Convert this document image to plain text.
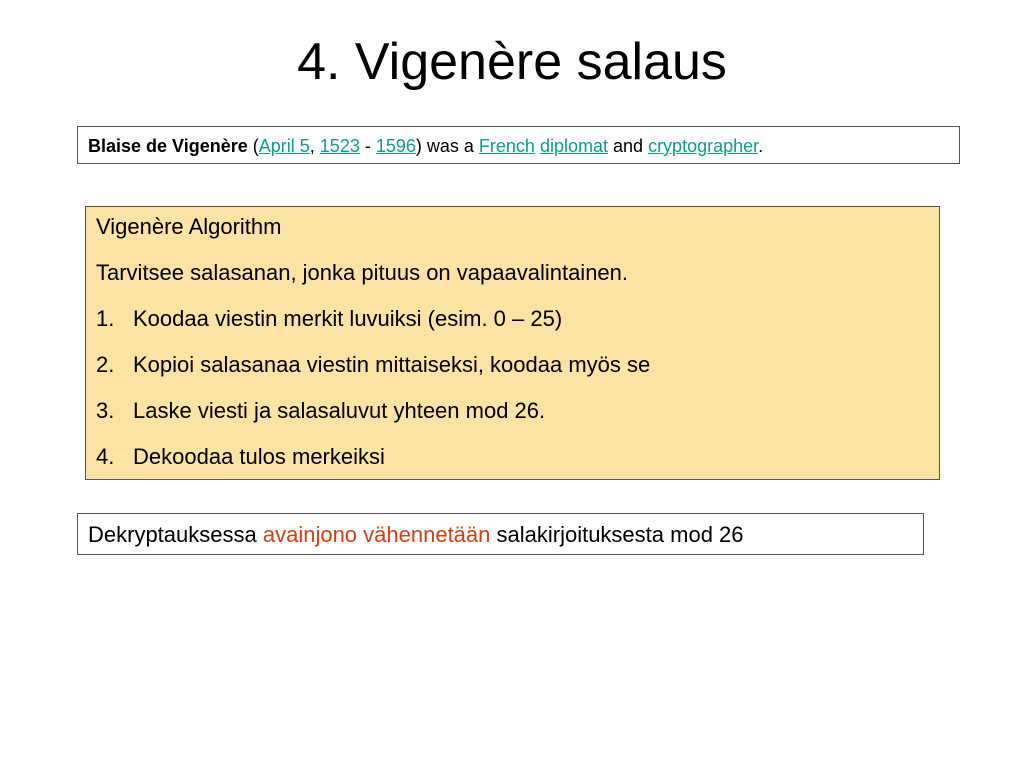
4. Vigenère salaus
Blaise de Vigenère (April 5, 1523 - 1596) was a French diplomat and cryptographer.
Vigenère Algorithm
Tarvitsee salasanan, jonka pituus on vapaavalintainen.
1. Koodaa viestin merkit luvuiksi (esim. 0 – 25)
2. Kopioi salasanaa viestin mittaiseksi, koodaa myös se
3. Laske viesti ja salasaluvut yhteen mod 26.
4. Dekoodaa tulos merkeiksi
Dekryptauksessa avainjono vähennetään salakirjoituksesta mod 26
